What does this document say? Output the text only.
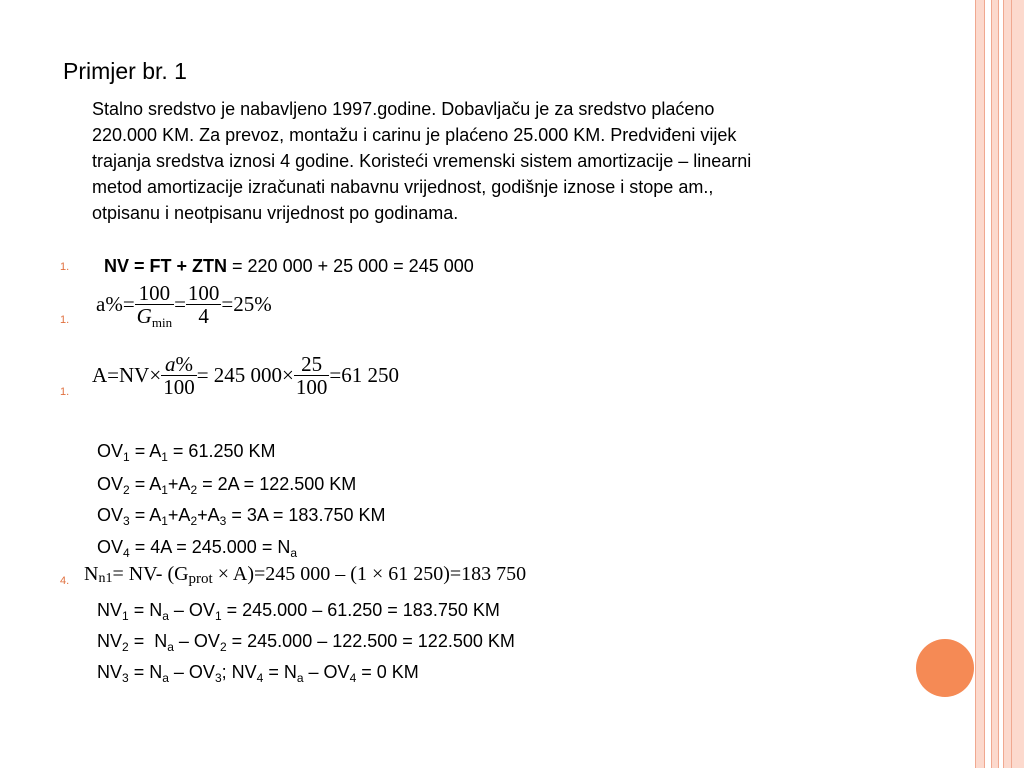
Primjer br. 1
Stalno sredstvo je nabavljeno 1997.godine. Dobavljaču je za sredstvo plaćeno
220.000 KM. Za prevoz, montažu i carinu je plaćeno 25.000 KM. Predviđeni vijek
trajanja sredstva iznosi 4 godine. Koristeći vremenski sistem amortizacije – linearni
metod amortizacije izračunati nabavnu vrijednost, godišnje iznose i stope am.,
otpisanu i neotpisanu vrijednost po godinama.
1.
1.
1.
4.
NV = FT + ZTN = 220 000 + 25 000 = 245 000
$a\%= \frac{100}{Gmin} = \frac{100}{4} =25\%$
$A=NV\times \frac{a\%}{100} = 245$ $000\times \frac{25}{100} =61$ 250
$OV_1 = A_1 = 61.250$ KM
$OV_2 = A_1+A_2 = 2A = 122.500$ KM
$OV_3 = A_1+A_2+A_3 = 3A = 183.750$ KM
$OV_4 = 4A = 245.000 = N_a$
Nn1= NV- (Gprot × A)=245 000 – (1 × 61 250)=183 750
$NV_1 = N_a - OV_1 = 245.000 - 61.250 = 183.750$ KM
$NV_2 = N_a - OV_2 = 245.000 - 122.500 = 122.500$ KM
$NV_3 = N_a - OV_3$; $NV_4 = N_a - OV_4 = 0$ KM
